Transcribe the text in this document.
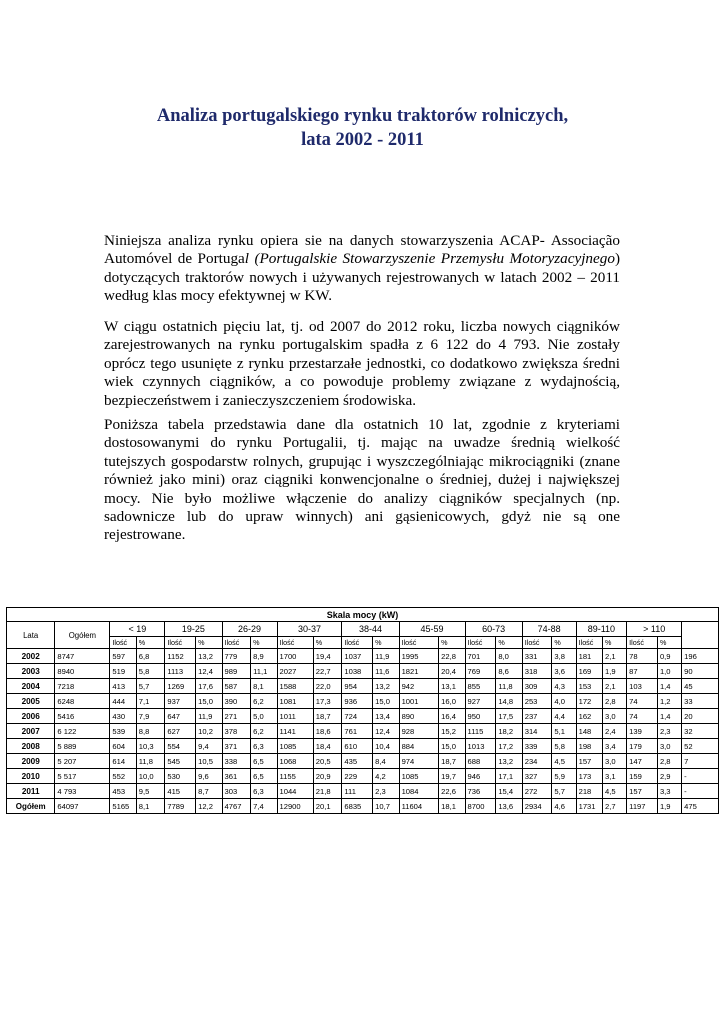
Analiza portugalskiego rynku traktorów rolniczych,
lata 2002 - 2011
Niniejsza analiza rynku opiera sie na danych stowarzyszenia ACAP- Associação Automóvel de Portugal (Portugalskie Stowarzyszenie Przemysłu Motoryzacyjnego) dotyczących traktorów nowych i używanych rejestrowanych w latach 2002 – 2011 według klas mocy efektywnej w KW.
W ciągu ostatnich pięciu lat, tj. od 2007 do 2012 roku, liczba nowych ciągników zarejestrowanych na rynku portugalskim spadła z 6 122 do 4 793. Nie zostały oprócz tego usunięte z rynku przestarzałe jednostki, co dodatkowo zwiększa średni wiek czynnych ciągników, a co powoduje problemy związane z wydajnością, bezpieczeństwem i zanieczyszczeniem środowiska.
Poniższa tabela przedstawia dane dla ostatnich 10 lat, zgodnie z kryteriami dostosowanymi do rynku Portugalii, tj. mając na uwadze średnią wielkość tutejszych gospodarstw rolnych, grupując i wyszczególniając mikrociągniki (znane również jako mini) oraz ciągniki konwencjonalne o średniej, dużej i największej mocy. Nie było możliwe włączenie do analizy ciągników specjalnych (np. sadownicze lub do upraw winnych) ani gąsienicowych, gdyż nie są one rejestrowane.
Skala mocy (kW)																						
Lata	Ogółem	< 19		19-25		26-29		30-37		38-44		45-59		60-73		74-88		89-110		> 110		
		Ilość	%	Ilość	%	Ilość	%	Ilość	%	Ilość	%	Ilość	%	Ilość	%	Ilość	%	Ilość	%	Ilość	%	
2002	8747	597	6,8	1152	13,2	779	8,9	1700	19,4	1037	11,9	1995	22,8	701	8,0	331	3,8	181	2,1	78	0,9	196
2003	8940	519	5,8	1113	12,4	989	11,1	2027	22,7	1038	11,6	1821	20,4	769	8,6	318	3,6	169	1,9	87	1,0	90
2004	7218	413	5,7	1269	17,6	587	8,1	1588	22,0	954	13,2	942	13,1	855	11,8	309	4,3	153	2,1	103	1,4	45
2005	6248	444	7,1	937	15,0	390	6,2	1081	17,3	936	15,0	1001	16,0	927	14,8	253	4,0	172	2,8	74	1,2	33
2006	5416	430	7,9	647	11,9	271	5,0	1011	18,7	724	13,4	890	16,4	950	17,5	237	4,4	162	3,0	74	1,4	20
2007	6 122	539	8,8	627	10,2	378	6,2	1141	18,6	761	12,4	928	15,2	1115	18,2	314	5,1	148	2,4	139	2,3	32
2008	5 889	604	10,3	554	9,4	371	6,3	1085	18,4	610	10,4	884	15,0	1013	17,2	339	5,8	198	3,4	179	3,0	52
2009	5 207	614	11,8	545	10,5	338	6,5	1068	20,5	435	8,4	974	18,7	688	13,2	234	4,5	157	3,0	147	2,8	7
2010	5 517	552	10,0	530	9,6	361	6,5	1155	20,9	229	4,2	1085	19,7	946	17,1	327	5,9	173	3,1	159	2,9	-
2011	4 793	453	9,5	415	8,7	303	6,3	1044	21,8	111	2,3	1084	22,6	736	15,4	272	5,7	218	4,5	157	3,3	-
Ogółem	64097	5165	8,1	7789	12,2	4767	7,4	12900	20,1	6835	10,7	11604	18,1	8700	13,6	2934	4,6	1731	2,7	1197	1,9	475
